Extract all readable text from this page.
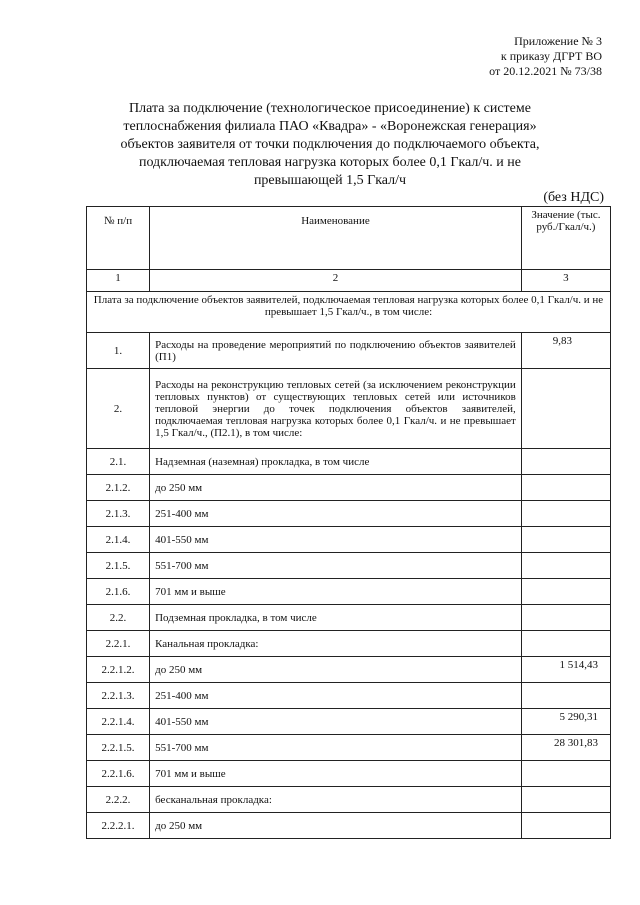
Приложение № 3
к приказу ДГРТ ВО
от 20.12.2021 № 73/38
Плата за подключение (технологическое присоединение) к системе теплоснабжения филиала ПАО «Квадра» - «Воронежская генерация» объектов заявителя от точки подключения до подключаемого объекта, подключаемая тепловая нагрузка которых более 0,1 Гкал/ч. и не превышающей 1,5 Гкал/ч
(без НДС)
№ п/п	Наименование	Значение (тыс. руб./Гкал/ч.)
1	2	3
Плата за подключение объектов заявителей, подключаемая тепловая нагрузка которых более 0,1 Гкал/ч. и не превышает 1,5 Гкал/ч., в том числе:		
1.	Расходы на проведение мероприятий по подключению объектов заявителей (П1)	9,83
2.	Расходы на реконструкцию тепловых сетей (за исключением реконструкции тепловых пунктов) от существующих тепловых сетей или источников тепловой энергии до точек подключения объектов заявителей, подключаемая тепловая нагрузка которых более 0,1 Гкал/ч. и не превышает 1,5 Гкал/ч., (П2.1), в том числе:	
2.1.	Надземная (наземная) прокладка, в том числе	
2.1.2.	до 250 мм	
2.1.3.	251-400 мм	
2.1.4.	401-550 мм	
2.1.5.	551-700 мм	
2.1.6.	701 мм и выше	
2.2.	Подземная прокладка, в том числе	
2.2.1.	Канальная прокладка:	
2.2.1.2.	до 250 мм	1 514,43
2.2.1.3.	251-400 мм	
2.2.1.4.	401-550 мм	5 290,31
2.2.1.5.	551-700 мм	28 301,83
2.2.1.6.	701 мм и выше	
2.2.2.	бесканальная прокладка:	
2.2.2.1.	до 250 мм	
